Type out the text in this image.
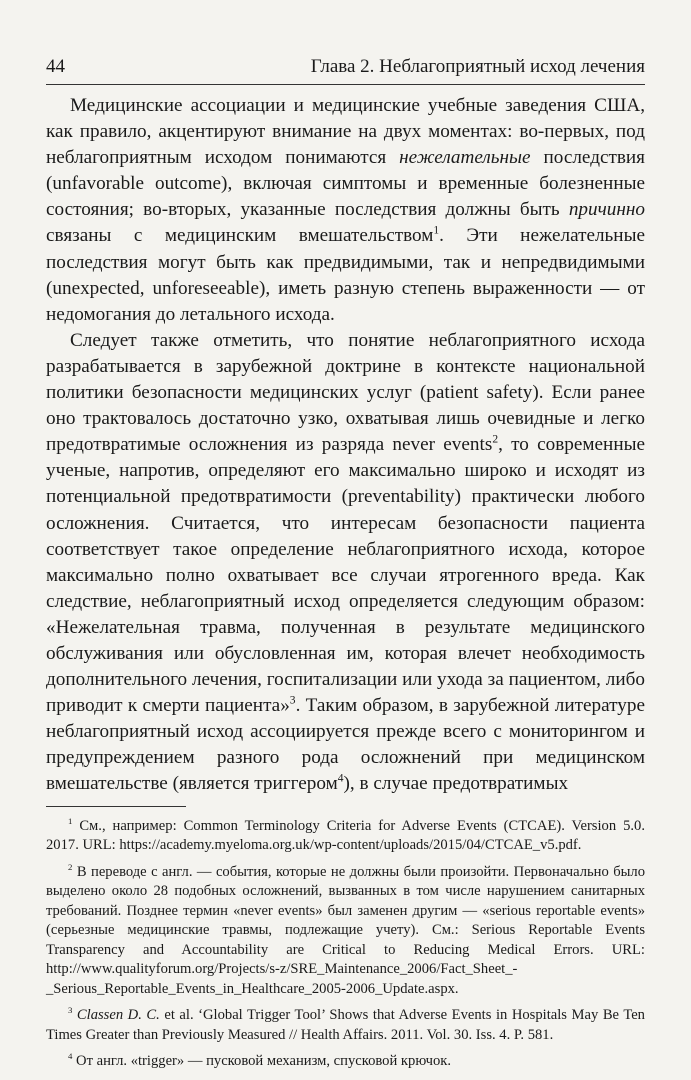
44	Глава 2. Неблагоприятный исход лечения

Медицинские ассоциации и медицинские учебные заведения США, как правило, акцентируют внимание на двух моментах: во-первых, под неблагоприятным исходом понимаются нежелательные последствия (unfavorable outcome), включая симптомы и временные болезненные состояния; во-вторых, указанные последствия должны быть причинно связаны с медицинским вмешательством$^1$. Эти нежелательные последствия могут быть как предвидимыми, так и непредвидимыми (unexpected, unforeseeable), иметь разную степень выраженности — от недомогания до летального исхода.

Следует также отметить, что понятие неблагоприятного исхода разрабатывается в зарубежной доктрине в контексте национальной политики безопасности медицинских услуг (patient safety). Если ранее оно трактовалось достаточно узко, охватывая лишь очевидные и легко предотвратимые осложнения из разряда never events$^2$, то современные ученые, напротив, определяют его максимально широко и исходят из потенциальной предотвратимости (preventability) практически любого осложнения. Считается, что интересам безопасности пациента соответствует такое определение неблагоприятного исхода, которое максимально полно охватывает все случаи ятрогенного вреда. Как следствие, неблагоприятный исход определяется следующим образом: «Нежелательная травма, полученная в результате медицинского обслуживания или обусловленная им, которая влечет необходимость дополнительного лечения, госпитализации или ухода за пациентом, либо приводит к смерти пациента»$^3$. Таким образом, в зарубежной литературе неблагоприятный исход ассоциируется прежде всего с мониторингом и предупреждением разного рода осложнений при медицинском вмешательстве (является триггером$^4$), в случае предотвратимых

$^1$ См., например: Common Terminology Criteria for Adverse Events (CTCAE). Version 5.0. 2017. URL: https://academy.myeloma.org.uk/wp-content/uploads/2015/04/CTCAE_v5.pdf.

$^2$ В переводе с англ. — события, которые не должны были произойти. Первоначально было выделено около 28 подобных осложнений, вызванных в том числе нарушением санитарных требований. Позднее термин «never events» был заменен другим — «serious reportable events» (серьезные медицинские травмы, подлежащие учету). См.: Serious Reportable Events Transparency and Accountability are Critical to Reducing Medical Errors. URL: http://www.qualityforum.org/Projects/s-z/SRE_Maintenance_2006/Fact_Sheet_-_Serious_Reportable_Events_in_Healthcare_2005-2006_Update.aspx.

$^3$ Classen D. C. et al. ‘Global Trigger Tool’ Shows that Adverse Events in Hospitals May Be Ten Times Greater than Previously Measured // Health Affairs. 2011. Vol. 30. Iss. 4. P. 581.

$^4$ От англ. «trigger» — пусковой механизм, спусковой крючок.
